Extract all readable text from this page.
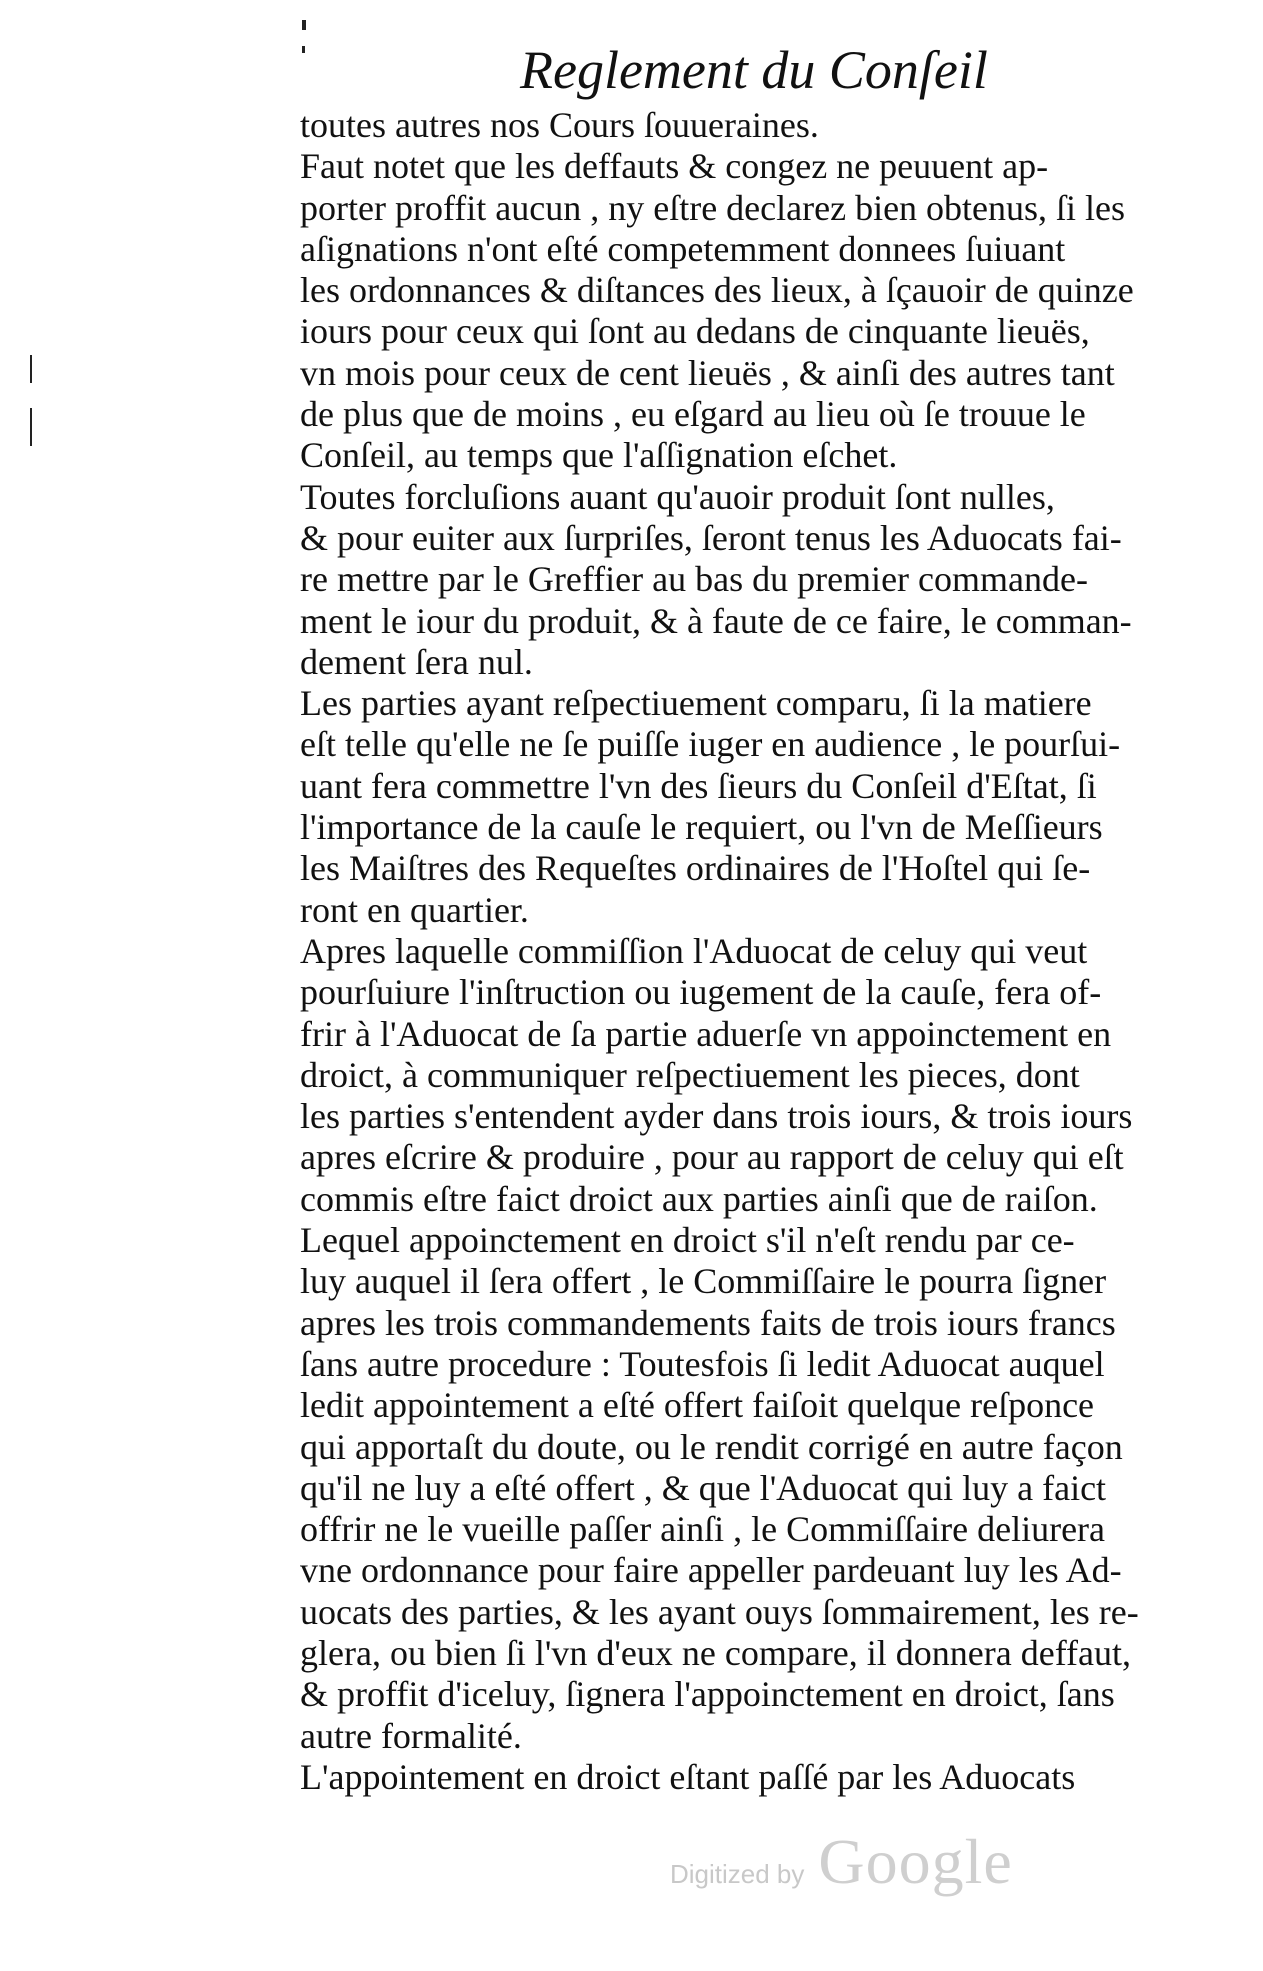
Reglement du Conſeil
toutes autres nos Cours ſouueraines.
Faut notet que les deffauts & congez ne peuuent ap-
porter proffit aucun , ny eſtre declarez bien obtenus, ſi les
aſignations n'ont eſté competemment donnees ſuiuant
les ordonnances & diſtances des lieux, à ſçauoir de quinze
iours pour ceux qui ſont au dedans de cinquante lieuës,
vn mois pour ceux de cent lieuës , & ainſi des autres tant
de plus que de moins , eu eſgard au lieu où ſe trouue le
Conſeil, au temps que l'aſſignation eſchet.
Toutes forcluſions auant qu'auoir produit ſont nulles,
& pour euiter aux ſurpriſes, ſeront tenus les Aduocats fai-
re mettre par le Greffier au bas du premier commande-
ment le iour du produit, & à faute de ce faire, le comman-
dement ſera nul.
Les parties ayant reſpectiuement comparu, ſi la matiere
eſt telle qu'elle ne ſe puiſſe iuger en audience , le pourſui-
uant fera commettre l'vn des ſieurs du Conſeil d'Eſtat, ſi
l'importance de la cauſe le requiert, ou l'vn de Meſſieurs
les Maiſtres des Requeſtes ordinaires de l'Hoſtel qui ſe-
ront en quartier.
Apres laquelle commiſſion l'Aduocat de celuy qui veut
pourſuiure l'inſtruction ou iugement de la cauſe, fera of-
frir à l'Aduocat de ſa partie aduerſe vn appoinctement en
droict, à communiquer reſpectiuement les pieces, dont
les parties s'entendent ayder dans trois iours, & trois iours
apres eſcrire & produire , pour au rapport de celuy qui eſt
commis eſtre faict droict aux parties ainſi que de raiſon.
Lequel appoinctement en droict s'il n'eſt rendu par ce-
luy auquel il ſera offert , le Commiſſaire le pourra ſigner
apres les trois commandements faits de trois iours francs
ſans autre procedure : Toutesfois ſi ledit Aduocat auquel
ledit appointement a eſté offert faiſoit quelque reſponce
qui apportaſt du doute, ou le rendit corrigé en autre façon
qu'il ne luy a eſté offert , & que l'Aduocat qui luy a faict
offrir ne le vueille paſſer ainſi , le Commiſſaire deliurera
vne ordonnance pour faire appeller pardeuant luy les Ad-
uocats des parties, & les ayant ouys ſommairement, les re-
glera, ou bien ſi l'vn d'eux ne compare, il donnera deffaut,
& proffit d'iceluy, ſignera l'appoinctement en droict, ſans
autre formalité.
L'appointement en droict eſtant paſſé par les Aduocats
Digitized by Google
